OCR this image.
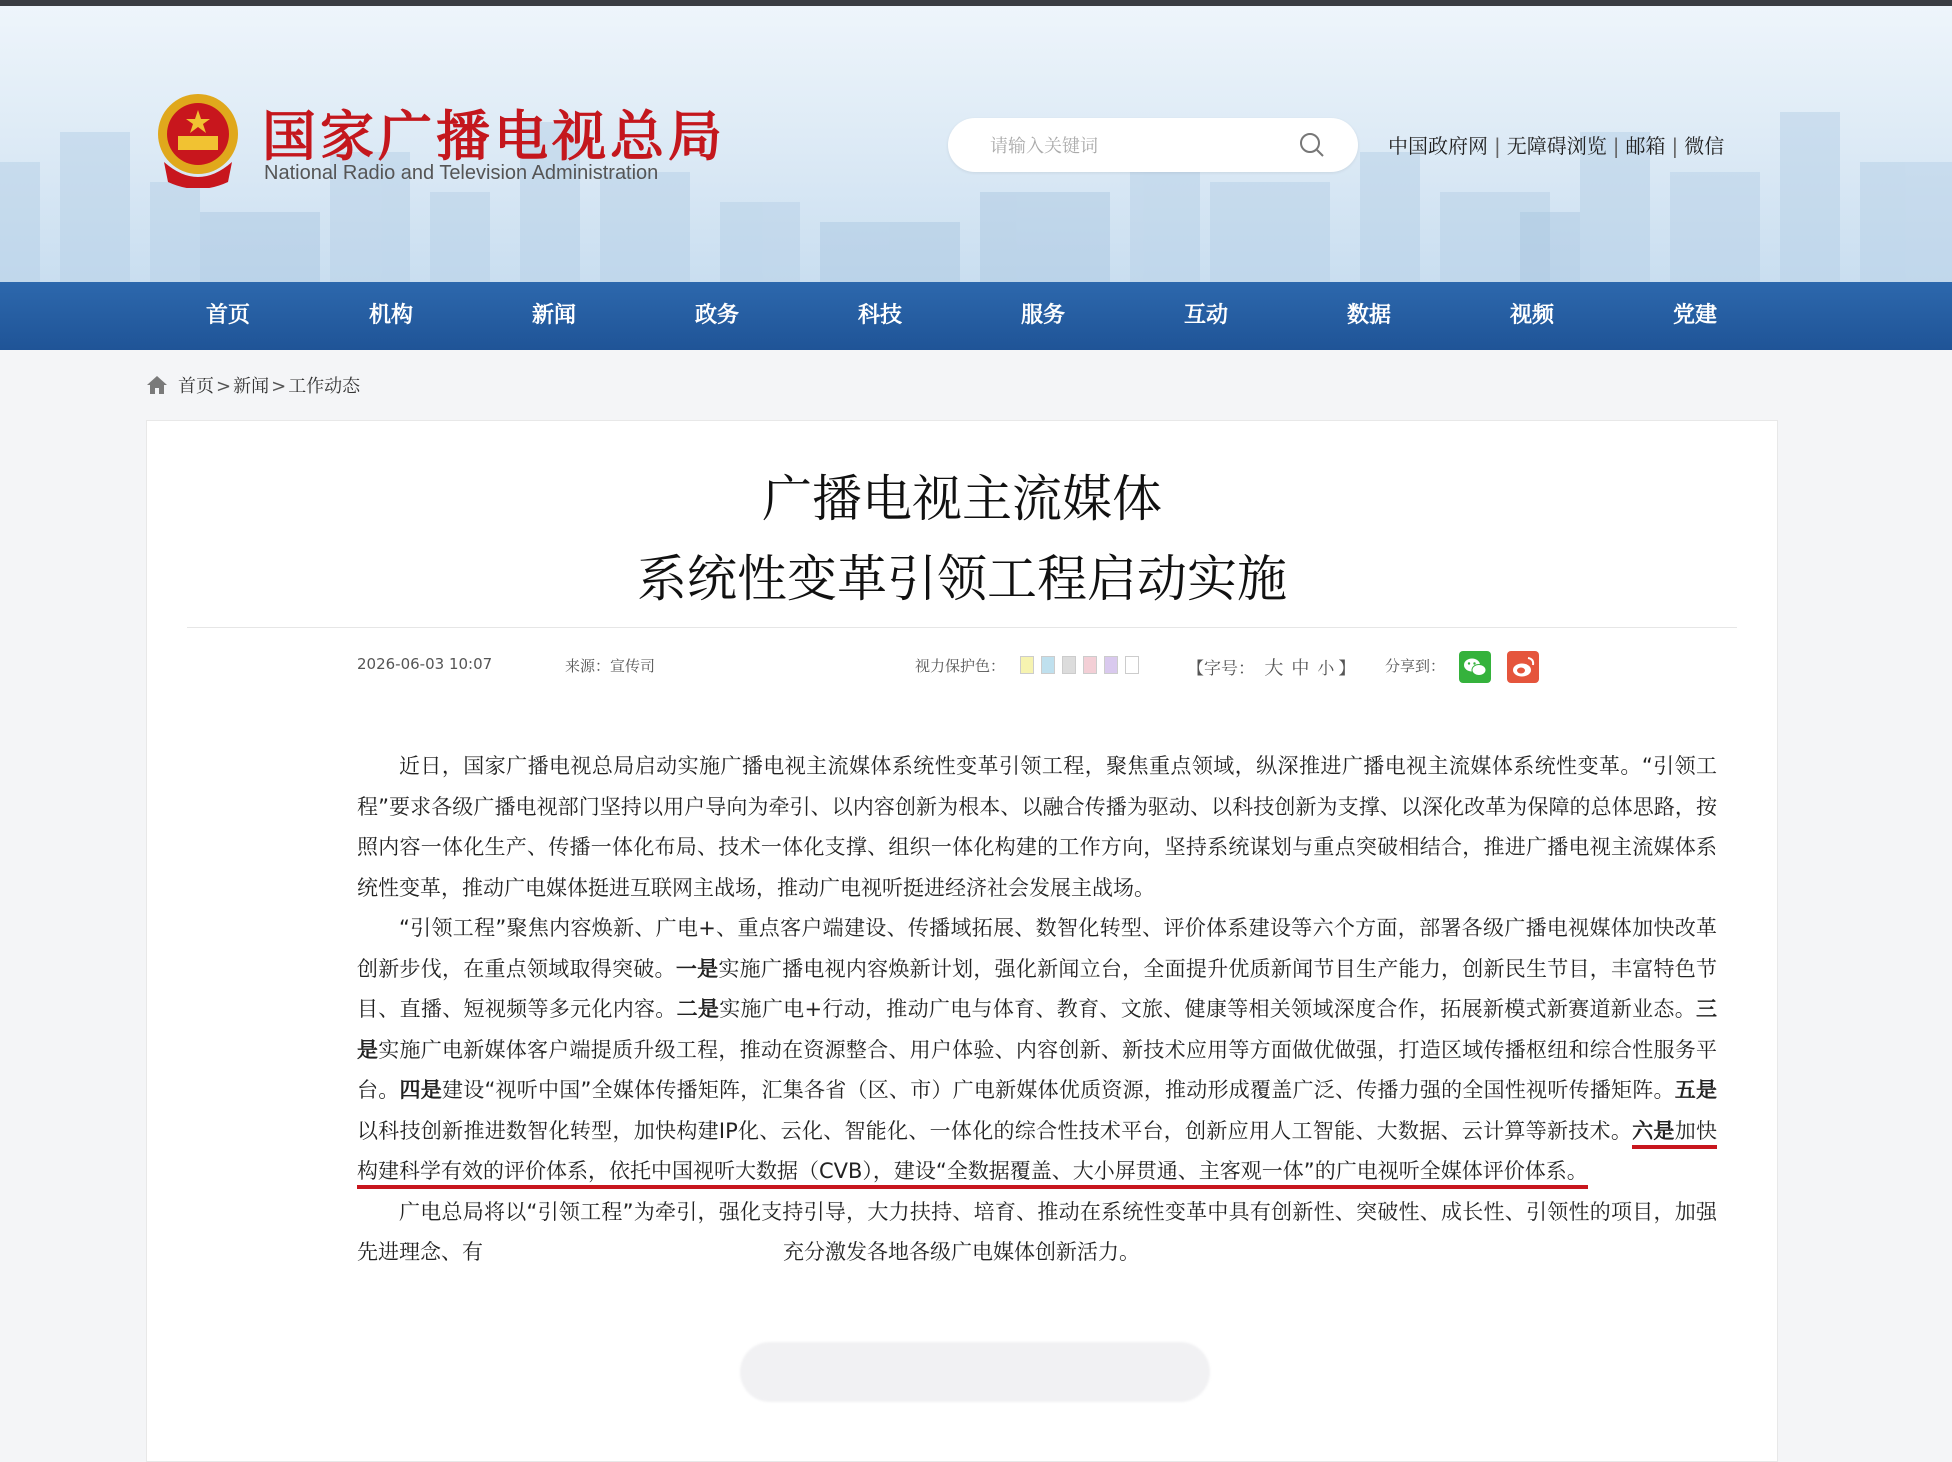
国家广播电视总局
National Radio and Television Administration
请输入关键词
中国政府网 | 无障碍浏览 | 邮箱 | 微信
首页	机构	新闻	政务	科技	服务	互动	数据	视频	党建
首页 > 新闻 > 工作动态
广播电视主流媒体
系统性变革引领工程启动实施
2026-06-03 10:07	来源：宣传司	视力保护色：	【字号： 大 中 小 】 分享到：

近日，国家广播电视总局启动实施广播电视主流媒体系统性变革引领工程，聚焦重点领域，纵深推进广播电视主流媒体系统性变革。“引领工程”要求各级广播电视部门坚持以用户导向为牵引、以内容创新为根本、以融合传播为驱动、以科技创新为支撑、以深化改革为保障的总体思路，按照内容一体化生产、传播一体化布局、技术一体化支撑、组织一体化构建的工作方向，坚持系统谋划与重点突破相结合，推进广播电视主流媒体系统性变革，推动广电媒体挺进互联网主战场，推动广电视听挺进经济社会发展主战场。

“引领工程”聚焦内容焕新、广电+、重点客户端建设、传播域拓展、数智化转型、评价体系建设等六个方面，部署各级广播电视媒体加快改革创新步伐，在重点领域取得突破。一是实施广播电视内容焕新计划，强化新闻立台，全面提升优质新闻节目生产能力，创新民生节目，丰富特色节目、直播、短视频等多元化内容。二是实施广电+行动，推动广电与体育、教育、文旅、健康等相关领域深度合作，拓展新模式新赛道新业态。三是实施广电新媒体客户端提质升级工程，推动在资源整合、用户体验、内容创新、新技术应用等方面做优做强，打造区域传播枢纽和综合性服务平台。四是建设“视听中国”全媒体传播矩阵，汇集各省（区、市）广电新媒体优质资源，推动形成覆盖广泛、传播力强的全国性视听传播矩阵。五是以科技创新推进数智化转型，加快构建IP化、云化、智能化、一体化的综合性技术平台，创新应用人工智能、大数据、云计算等新技术。六是加快构建科学有效的评价体系，依托中国视听大数据（CVB），建设“全数据覆盖、大小屏贯通、主客观一体”的广电视听全媒体评价体系。

广电总局将以“引领工程”为牵引，强化支持引导，大力扶持、培育、推动在系统性变革中具有创新性、突破性、成长性、引领性的项目，加强先进理念、有	充分激发各地各级广电媒体创新活力。
